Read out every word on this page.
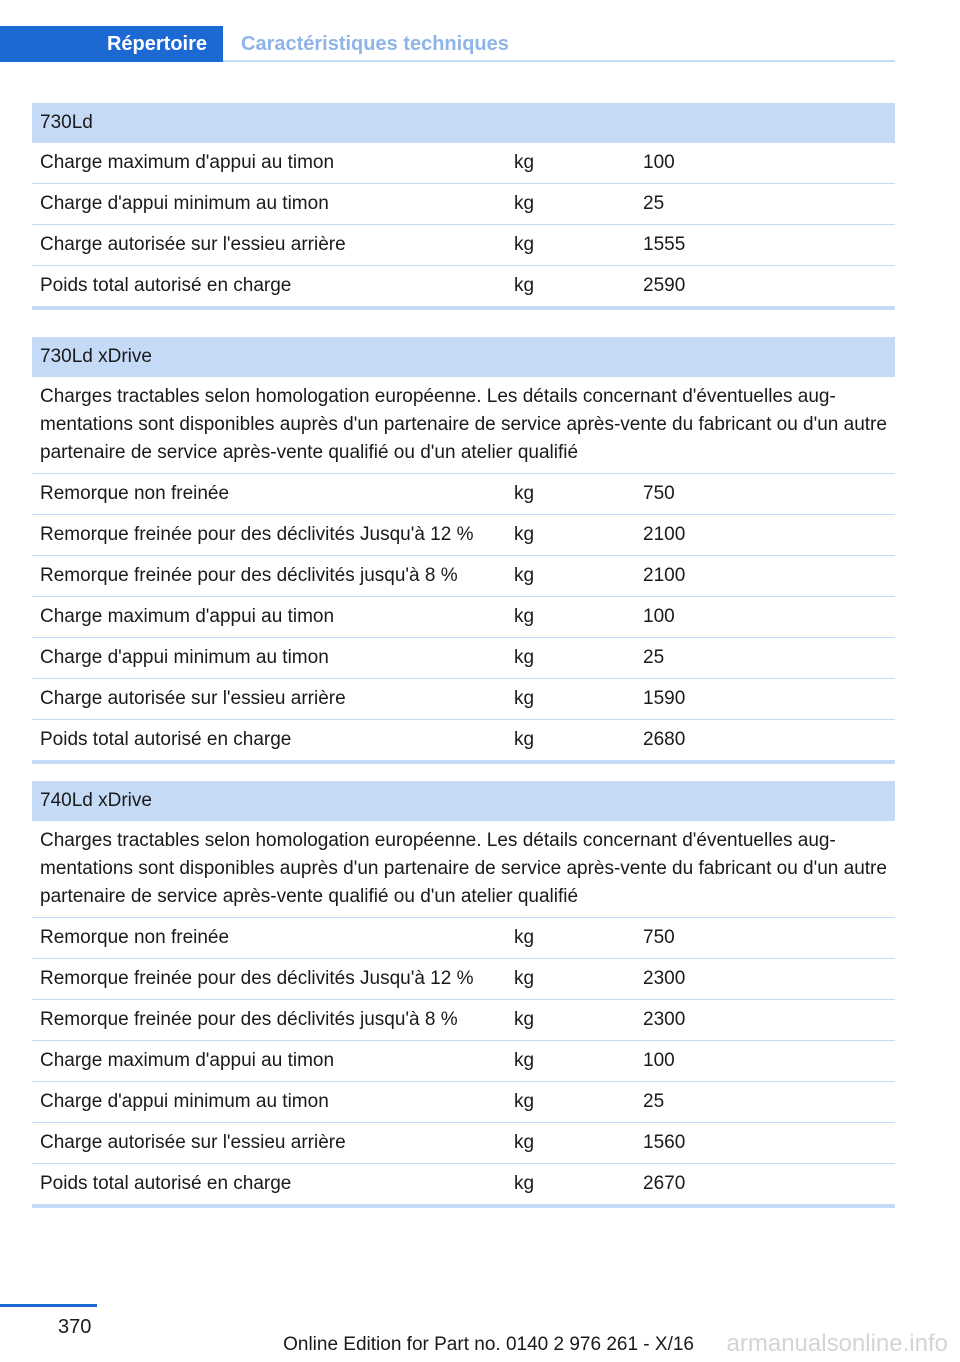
Répertoire	Caractéristiques techniques
730Ld
Charge maximum d'appui au timon	kg	100
Charge d'appui minimum au timon	kg	25
Charge autorisée sur l'essieu arrière	kg	1555
Poids total autorisé en charge	kg	2590
730Ld xDrive
Charges tractables selon homologation européenne. Les détails concernant d'éventuelles aug-mentations sont disponibles auprès d'un partenaire de service après-vente du fabricant ou d'un autre partenaire de service après-vente qualifié ou d'un atelier qualifié
Remorque non freinée	kg	750
Remorque freinée pour des déclivités Jusqu'à 12 % kg	2100
Remorque freinée pour des déclivités jusqu'à 8 %	kg	2100
Charge maximum d'appui au timon	kg	100
Charge d'appui minimum au timon	kg	25
Charge autorisée sur l'essieu arrière	kg	1590
Poids total autorisé en charge	kg	2680
740Ld xDrive
Charges tractables selon homologation européenne. Les détails concernant d'éventuelles aug-mentations sont disponibles auprès d'un partenaire de service après-vente du fabricant ou d'un autre partenaire de service après-vente qualifié ou d'un atelier qualifié
Remorque non freinée	kg	750
Remorque freinée pour des déclivités Jusqu'à 12 % kg	2300
Remorque freinée pour des déclivités jusqu'à 8 %	kg	2300
Charge maximum d'appui au timon	kg	100
Charge d'appui minimum au timon	kg	25
Charge autorisée sur l'essieu arrière	kg	1560
Poids total autorisé en charge	kg	2670
370
armanualsonline.info
Online Edition for Part no. 0140 2 976 261 - X/16
